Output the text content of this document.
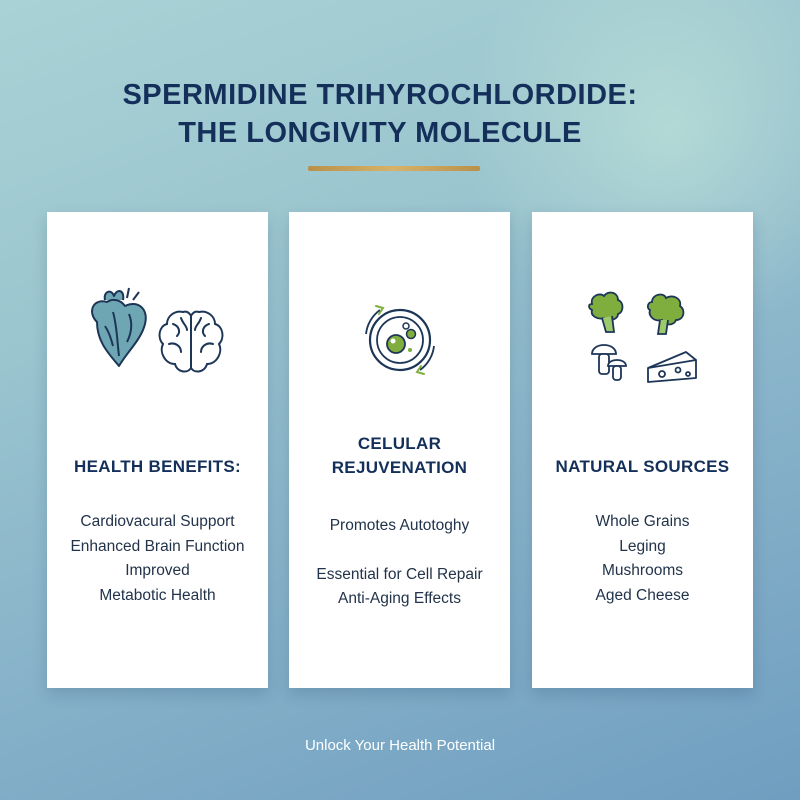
SPERMIDINE TRIHYROCHLORDIDE:
THE LONGIVITY MOLECULE
HEALTH BENEFITS:
Cardiovacural Support
Enhanced Brain Function
Improved
Metabotic Health
CELULAR
REJUVENATION
Promotes Autotoghy
Essential for Cell Repair
Anti-Aging Effects
NATURAL SOURCES
Whole Grains
Leging
Mushrooms
Aged Cheese
Unlock Your Health Potential
